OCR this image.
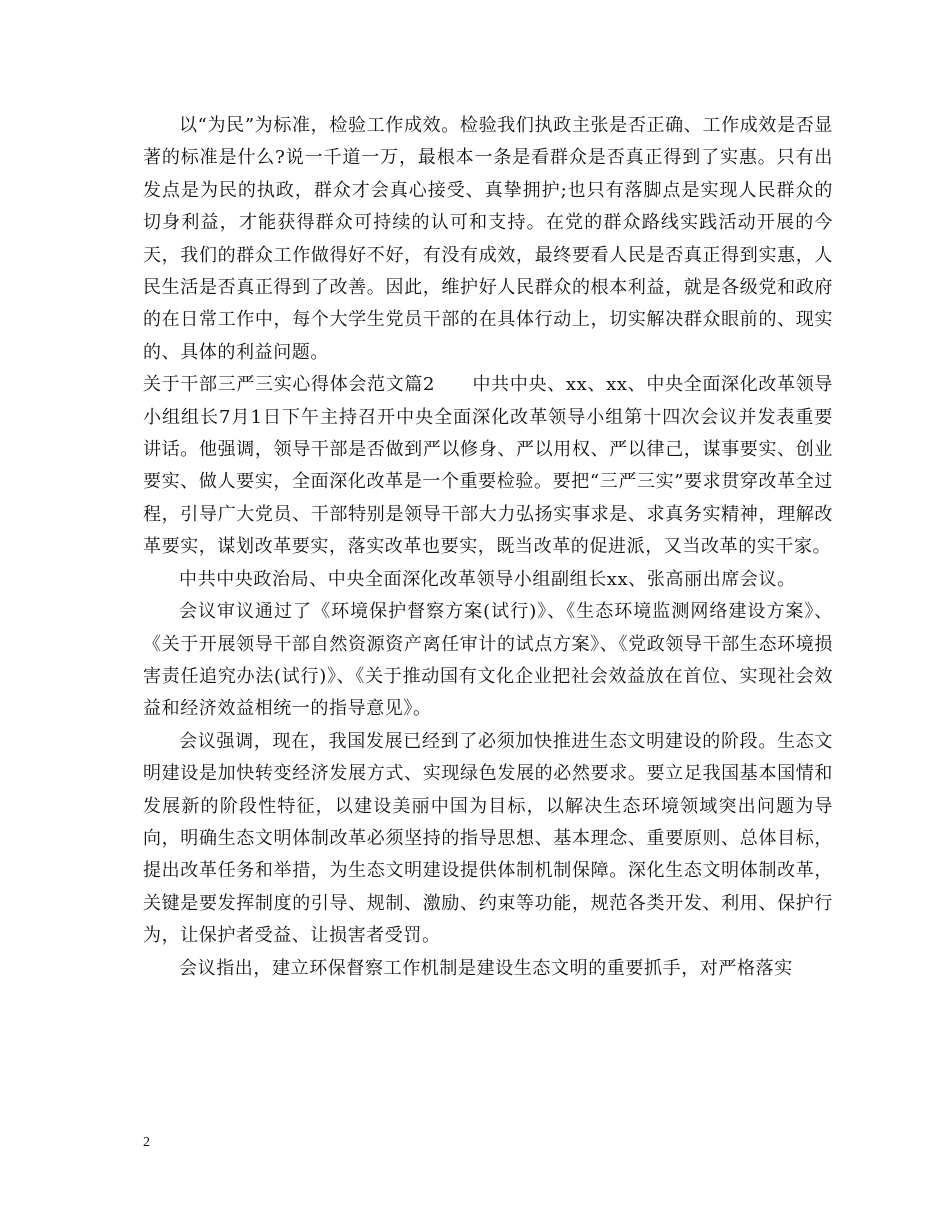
以“为民”为标准，检验工作成效。检验我们执政主张是否正确、工作成效是否显著的标准是什么?说一千道一万，最根本一条是看群众是否真正得到了实惠。只有出发点是为民的执政，群众才会真心接受、真挚拥护;也只有落脚点是实现人民群众的切身利益，才能获得群众可持续的认可和支持。在党的群众路线实践活动开展的今天，我们的群众工作做得好不好，有没有成效，最终要看人民是否真正得到实惠，人民生活是否真正得到了改善。因此，维护好人民群众的根本利益，就是各级党和政府的在日常工作中，每个大学生党员干部的在具体行动上，切实解决群众眼前的、现实的、具体的利益问题。

关于干部三严三实心得体会范文篇2　　中共中央、xx、xx、中央全面深化改革领导小组组长7月1日下午主持召开中央全面深化改革领导小组第十四次会议并发表重要讲话。他强调，领导干部是否做到严以修身、严以用权、严以律己，谋事要实、创业要实、做人要实，全面深化改革是一个重要检验。要把“三严三实”要求贯穿改革全过程，引导广大党员、干部特别是领导干部大力弘扬实事求是、求真务实精神，理解改革要实，谋划改革要实，落实改革也要实，既当改革的促进派，又当改革的实干家。

中共中央政治局、中央全面深化改革领导小组副组长xx、张高丽出席会议。

会议审议通过了《环境保护督察方案(试行)》、《生态环境监测网络建设方案》、《关于开展领导干部自然资源资产离任审计的试点方案》、《党政领导干部生态环境损害责任追究办法(试行)》、《关于推动国有文化企业把社会效益放在首位、实现社会效益和经济效益相统一的指导意见》。

会议强调，现在，我国发展已经到了必须加快推进生态文明建设的阶段。生态文明建设是加快转变经济发展方式、实现绿色发展的必然要求。要立足我国基本国情和发展新的阶段性特征，以建设美丽中国为目标，以解决生态环境领域突出问题为导向，明确生态文明体制改革必须坚持的指导思想、基本理念、重要原则、总体目标，提出改革任务和举措，为生态文明建设提供体制机制保障。深化生态文明体制改革，关键是要发挥制度的引导、规制、激励、约束等功能，规范各类开发、利用、保护行为，让保护者受益、让损害者受罚。

会议指出，建立环保督察工作机制是建设生态文明的重要抓手，对严格落实

2
